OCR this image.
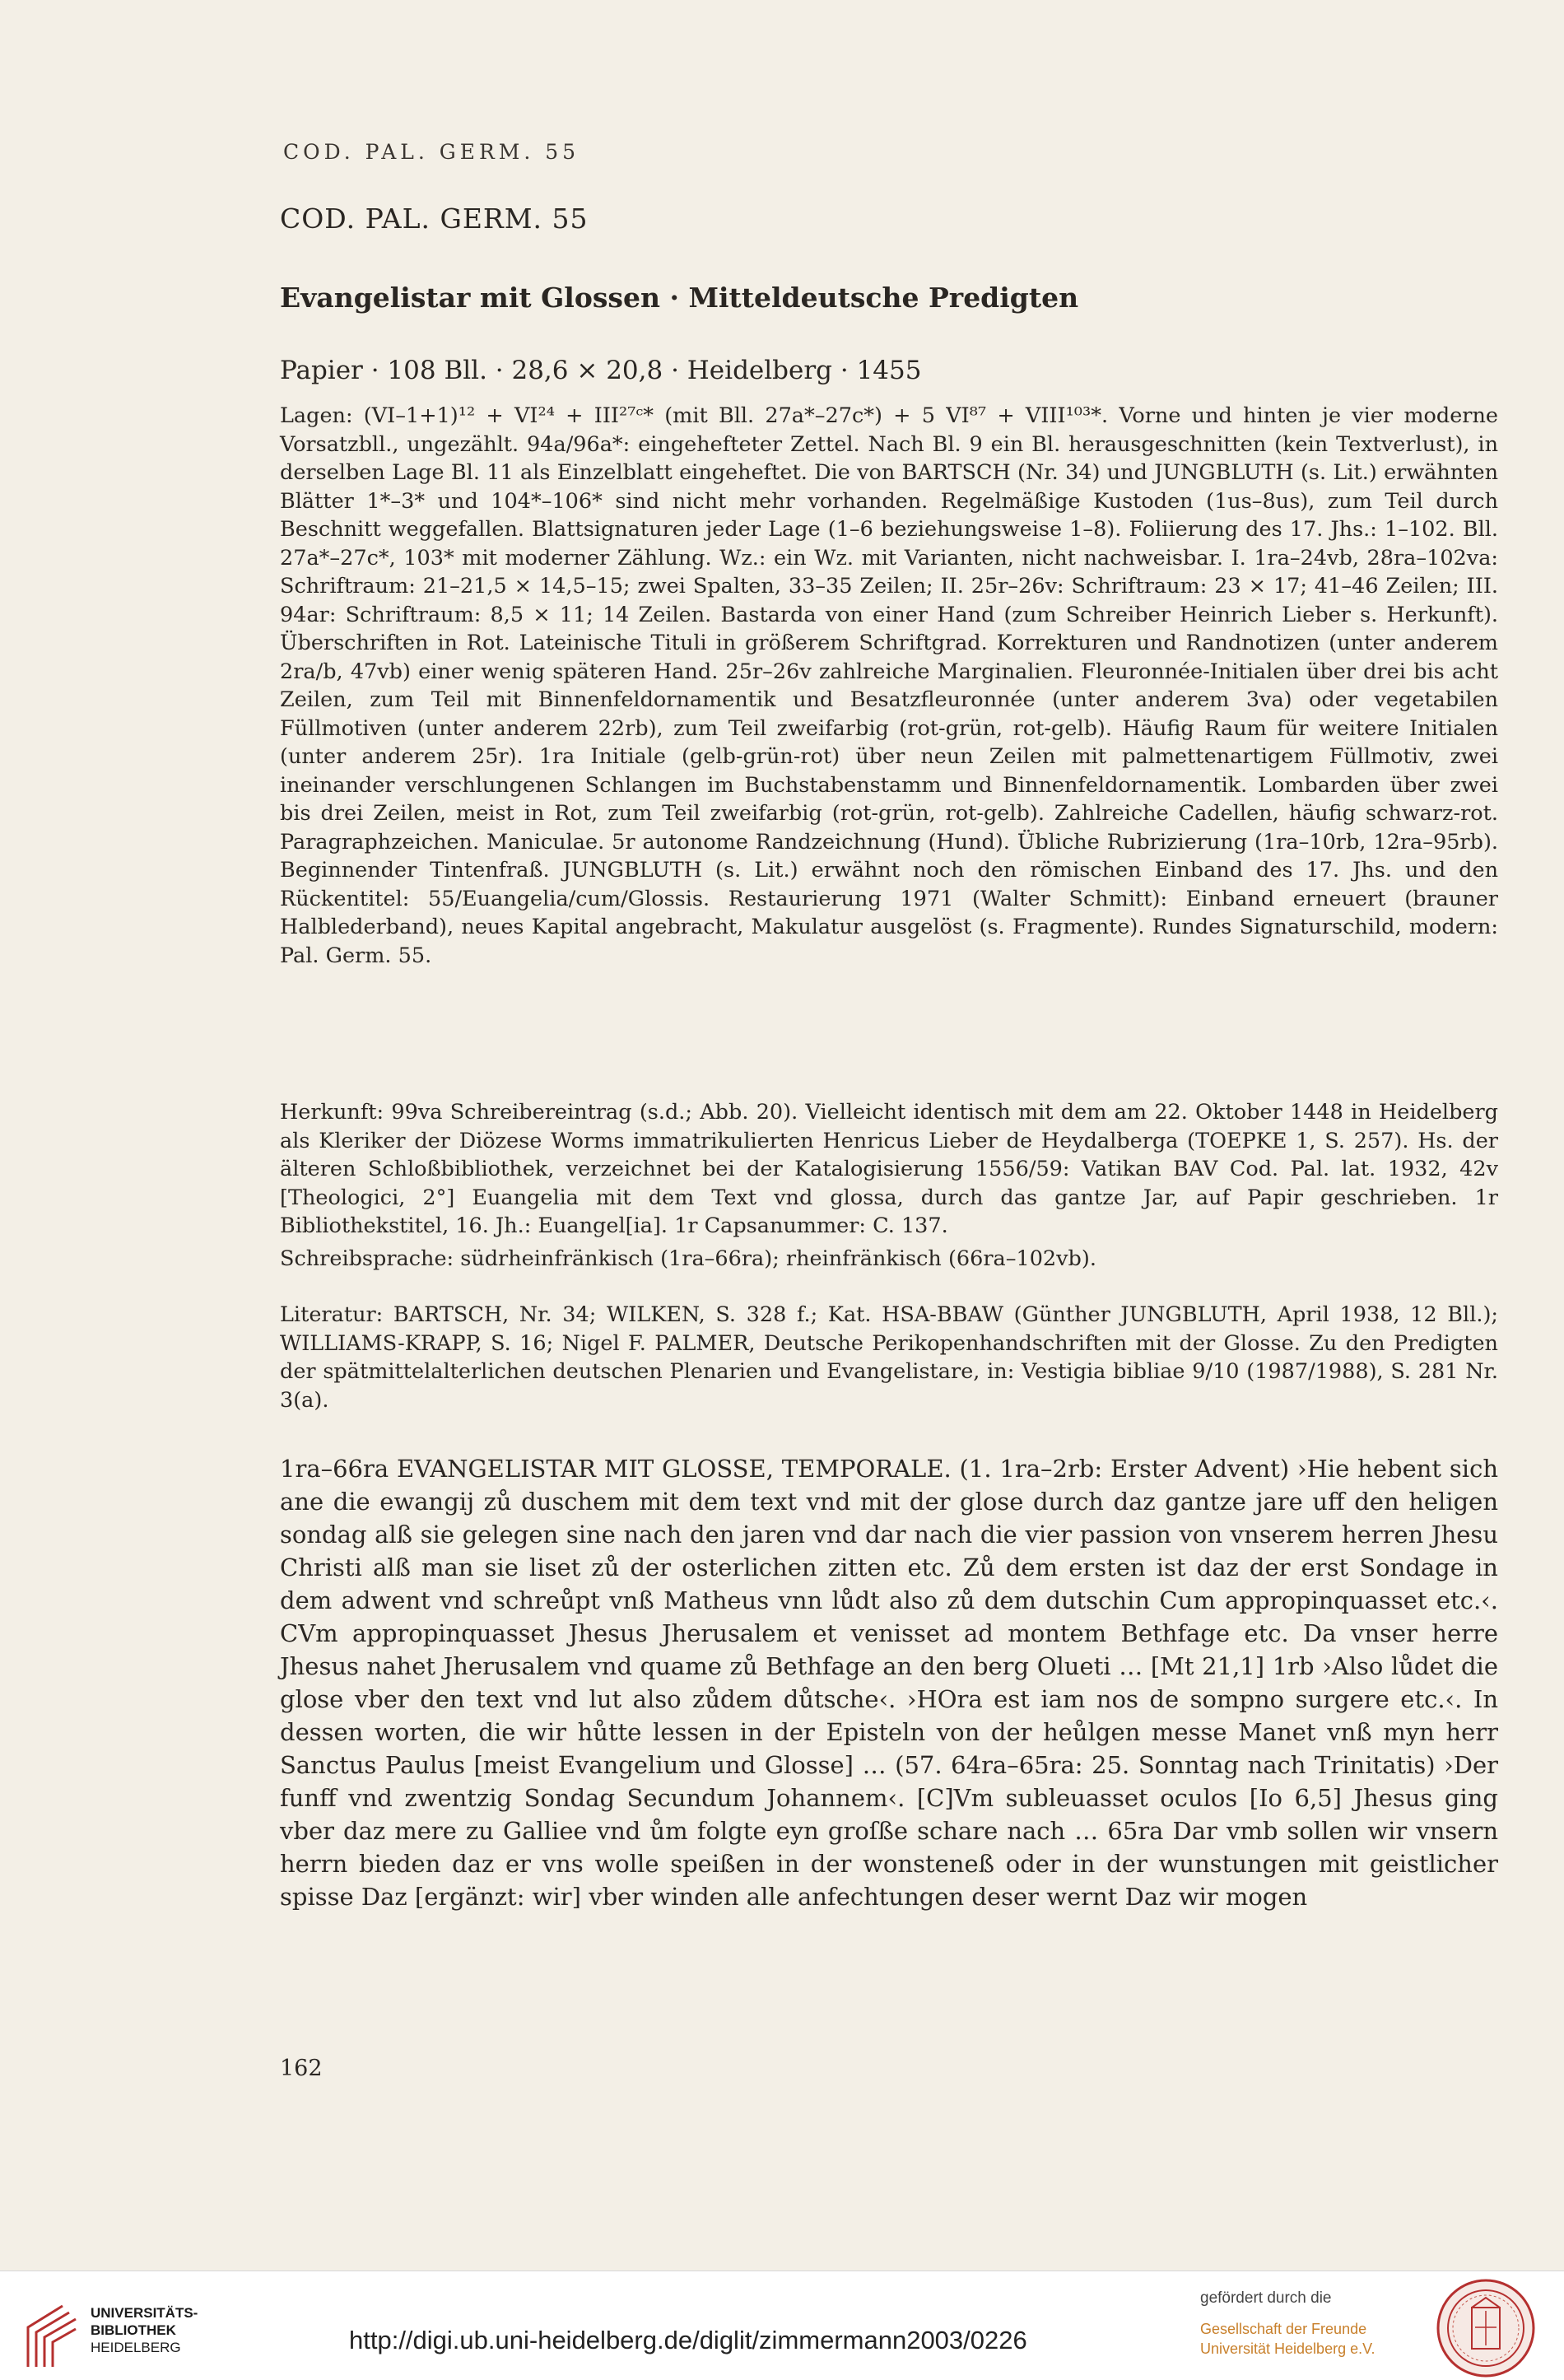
COD. PAL. GERM. 55
COD. PAL. GERM. 55
Evangelistar mit Glossen · Mitteldeutsche Predigten
Papier · 108 Bll. · 28,6 × 20,8 · Heidelberg · 1455
Lagen: (VI–1+1)¹² + VI²⁴ + III²⁷ᶜ* (mit Bll. 27a*–27c*) + 5 VI⁸⁷ + VIII¹⁰³*. Vorne und hinten je vier moderne Vorsatzbll., ungezählt. 94a/96a*: eingehefteter Zettel. Nach Bl. 9 ein Bl. herausgeschnitten (kein Textverlust), in derselben Lage Bl. 11 als Einzelblatt eingeheftet. Die von BARTSCH (Nr. 34) und JUNGBLUTH (s. Lit.) erwähnten Blätter 1*–3* und 104*–106* sind nicht mehr vorhanden. Regelmäßige Kustoden (1us–8us), zum Teil durch Beschnitt weggefallen. Blattsignaturen jeder Lage (1–6 beziehungsweise 1–8). Foliierung des 17. Jhs.: 1–102. Bll. 27a*–27c*, 103* mit moderner Zählung. Wz.: ein Wz. mit Varianten, nicht nachweisbar. I. 1ra–24vb, 28ra–102va: Schriftraum: 21–21,5 × 14,5–15; zwei Spalten, 33–35 Zeilen; II. 25r–26v: Schriftraum: 23 × 17; 41–46 Zeilen; III. 94ar: Schriftraum: 8,5 × 11; 14 Zeilen. Bastarda von einer Hand (zum Schreiber Heinrich Lieber s. Herkunft). Überschriften in Rot. Lateinische Tituli in größerem Schriftgrad. Korrekturen und Randnotizen (unter anderem 2ra/b, 47vb) einer wenig späteren Hand. 25r–26v zahlreiche Marginalien. Fleuronnée-Initialen über drei bis acht Zeilen, zum Teil mit Binnenfeldornamentik und Besatzfleuronnée (unter anderem 3va) oder vegetabilen Füllmotiven (unter anderem 22rb), zum Teil zweifarbig (rot-grün, rot-gelb). Häufig Raum für weitere Initialen (unter anderem 25r). 1ra Initiale (gelb-grün-rot) über neun Zeilen mit palmettenartigem Füllmotiv, zwei ineinander verschlungenen Schlangen im Buchstabenstamm und Binnenfeldornamentik. Lombarden über zwei bis drei Zeilen, meist in Rot, zum Teil zweifarbig (rot-grün, rot-gelb). Zahlreiche Cadellen, häufig schwarz-rot. Paragraphzeichen. Maniculae. 5r autonome Randzeichnung (Hund). Übliche Rubrizierung (1ra–10rb, 12ra–95rb). Beginnender Tintenfraß. JUNGBLUTH (s. Lit.) erwähnt noch den römischen Einband des 17. Jhs. und den Rückentitel: 55/Euangelia/cum/Glossis. Restaurierung 1971 (Walter Schmitt): Einband erneuert (brauner Halblederband), neues Kapital angebracht, Makulatur ausgelöst (s. Fragmente). Rundes Signaturschild, modern: Pal. Germ. 55.
Herkunft: 99va Schreibereintrag (s.d.; Abb. 20). Vielleicht identisch mit dem am 22. Oktober 1448 in Heidelberg als Kleriker der Diözese Worms immatrikulierten Henricus Lieber de Heydalberga (TOEPKE 1, S. 257). Hs. der älteren Schloßbibliothek, verzeichnet bei der Katalogisierung 1556/59: Vatikan BAV Cod. Pal. lat. 1932, 42v [Theologici, 2°] Euangelia mit dem Text vnd glossa, durch das gantze Jar, auf Papir geschrieben. 1r Bibliothekstitel, 16. Jh.: Euangel[ia]. 1r Capsanummer: C. 137.
Schreibsprache: südrheinfränkisch (1ra–66ra); rheinfränkisch (66ra–102vb).
Literatur: BARTSCH, Nr. 34; WILKEN, S. 328 f.; Kat. HSA-BBAW (Günther JUNGBLUTH, April 1938, 12 Bll.); WILLIAMS-KRAPP, S. 16; Nigel F. PALMER, Deutsche Perikopenhandschriften mit der Glosse. Zu den Predigten der spätmittelalterlichen deutschen Plenarien und Evangelistare, in: Vestigia bibliae 9/10 (1987/1988), S. 281 Nr. 3(a).
1ra–66ra EVANGELISTAR MIT GLOSSE, TEMPORALE. (1. 1ra–2rb: Erster Advent) ›Hie hebent sich ane die ewangij zů duschem mit dem text vnd mit der glose durch daz gantze jare uff den heligen sondag alß sie gelegen sine nach den jaren vnd dar nach die vier passion von vnserem herren Jhesu Christi alß man sie liset zů der osterlichen zitten etc. Zů dem ersten ist daz der erst Sondage in dem adwent vnd schreůpt vnß Matheus vnn lůdt also zů dem dutschin Cum appropinquasset etc.‹. CVm appropinquasset Jhesus Jherusalem et venisset ad montem Bethfage etc. Da vnser herre Jhesus nahet Jherusalem vnd quame zů Bethfage an den berg Olueti … [Mt 21,1] 1rb ›Also lůdet die glose vber den text vnd lut also zůdem důtsche‹. ›HOra est iam nos de sompno surgere etc.‹. In dessen worten, die wir hůtte lessen in der Episteln von der heůlgen messe Manet vnß myn herr Sanctus Paulus [meist Evangelium und Glosse] … (57. 64ra–65ra: 25. Sonntag nach Trinitatis) ›Der funff vnd zwentzig Sondag Secundum Johannem‹. [C]Vm subleuasset oculos [Io 6,5] Jhesus ging vber daz mere zu Galliee vnd ům folgte eyn groſße schare nach … 65ra Dar vmb sollen wir vnsern herrn bieden daz er vns wolle speißen in der wonsteneß oder in der wunstungen mit geistlicher spisse Daz [ergänzt: wir] vber winden alle anfechtungen deser wernt Daz wir mogen
162
UNIVERSITÄTS-
BIBLIOTHEK
HEIDELBERG	http://digi.ub.uni-heidelberg.de/diglit/zimmermann2003/0226
gefördert durch die
Gesellschaft der Freunde
Universität Heidelberg e.V.
